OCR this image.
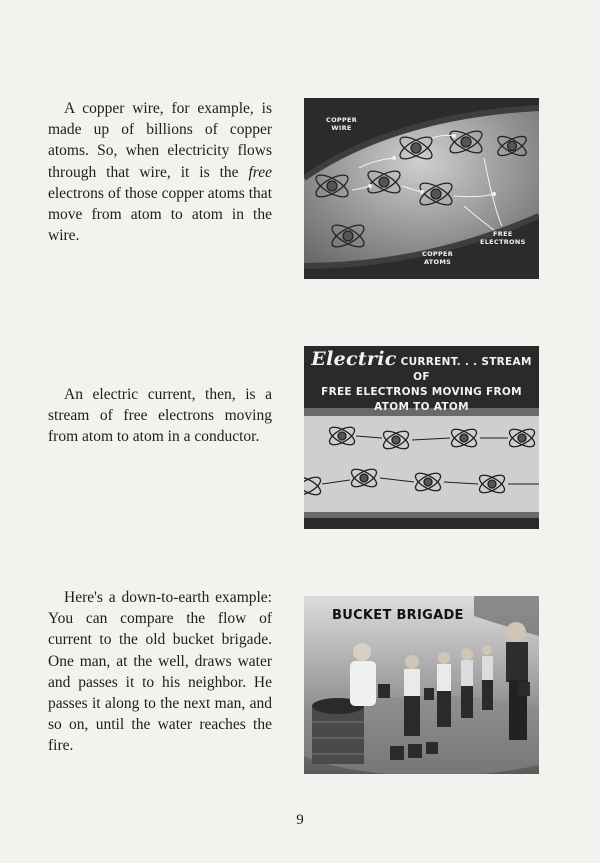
A copper wire, for example, is made up of billions of copper atoms. So, when electricity flows through that wire, it is the free electrons of those copper atoms that move from atom to atom in the wire.

COPPER
WIRE
FREE
ELECTRONS
COPPER
ATOMS

An electric current, then, is a stream of free electrons moving from atom to atom in a conductor.

Electric CURRENT. . . STREAM OF
FREE ELECTRONS MOVING FROM
ATOM TO ATOM

Here's a down-to-earth example: You can compare the flow of current to the old bucket brigade. One man, at the well, draws water and passes it to his neighbor. He passes it along to the next man, and so on, until the water reaches the fire.

BUCKET BRIGADE
9
